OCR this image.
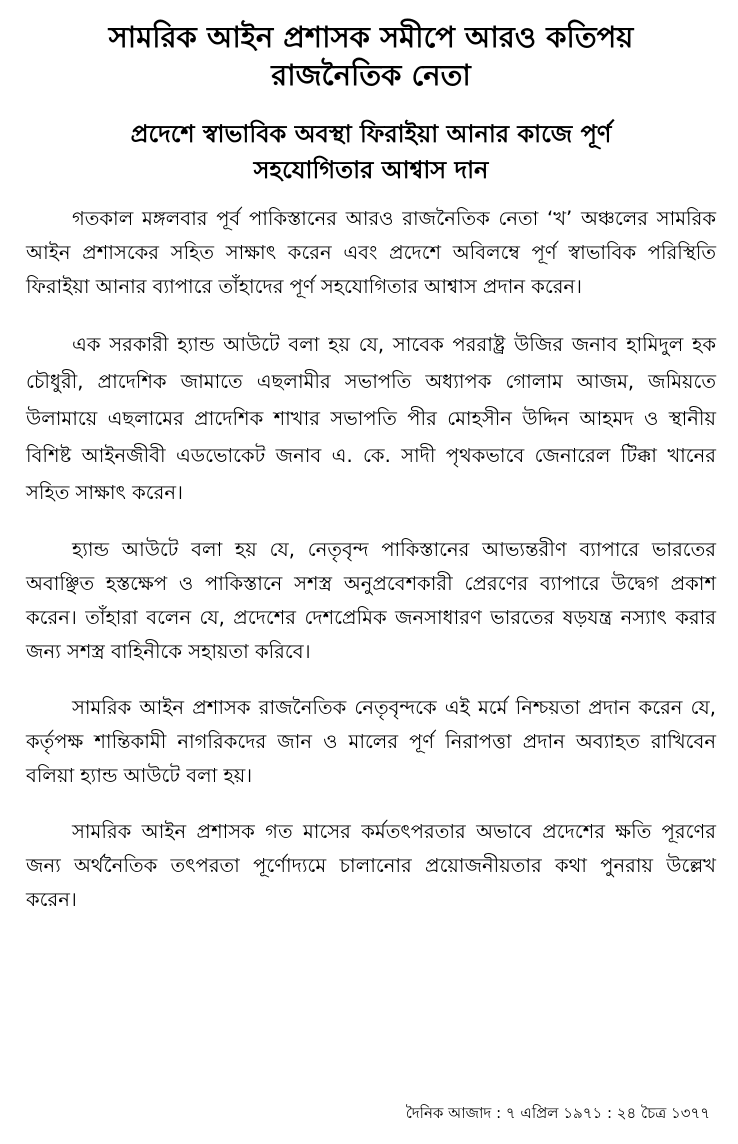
সামরিক আইন প্রশাসক সমীপে আরও কতিপয়
রাজনৈতিক নেতা
প্রদেশে স্বাভাবিক অবস্থা ফিরাইয়া আনার কাজে পূর্ণ
সহযোগিতার আশ্বাস দান

গতকাল মঙ্গলবার পূর্ব পাকিস্তানের আরও রাজনৈতিক নেতা ‘খ’ অঞ্চলের সামরিক আইন প্রশাসকের সহিত সাক্ষাৎ করেন এবং প্রদেশে অবিলম্বে পূর্ণ স্বাভাবিক পরিস্থিতি ফিরাইয়া আনার ব্যাপারে তাঁহাদের পূর্ণ সহযোগিতার আশ্বাস প্রদান করেন।

এক সরকারী হ্যান্ড আউটে বলা হয় যে, সাবেক পররাষ্ট্র উজির জনাব হামিদুল হক চৌধুরী, প্রাদেশিক জামাতে এছলামীর সভাপতি অধ্যাপক গোলাম আজম, জমিয়তে উলামায়ে এছলামের প্রাদেশিক শাখার সভাপতি পীর মোহসীন উদ্দিন আহমদ ও স্থানীয় বিশিষ্ট আইনজীবী এডভোকেট জনাব এ. কে. সাদী পৃথকভাবে জেনারেল টিক্কা খানের সহিত সাক্ষাৎ করেন।

হ্যান্ড আউটে বলা হয় যে, নেতৃবৃন্দ পাকিস্তানের আভ্যন্তরীণ ব্যাপারে ভারতের অবাঞ্ছিত হস্তক্ষেপ ও পাকিস্তানে সশস্ত্র অনুপ্রবেশকারী প্রেরণের ব্যাপারে উদ্বেগ প্রকাশ করেন। তাঁহারা বলেন যে, প্রদেশের দেশপ্রেমিক জনসাধারণ ভারতের ষড়যন্ত্র নস্যাৎ করার জন্য সশস্ত্র বাহিনীকে সহায়তা করিবে।

সামরিক আইন প্রশাসক রাজনৈতিক নেতৃবৃন্দকে এই মর্মে নিশ্চয়তা প্রদান করেন যে, কর্তৃপক্ষ শান্তিকামী নাগরিকদের জান ও মালের পূর্ণ নিরাপত্তা প্রদান অব্যাহত রাখিবেন বলিয়া হ্যান্ড আউটে বলা হয়।

সামরিক আইন প্রশাসক গত মাসের কর্মতৎপরতার অভাবে প্রদেশের ক্ষতি পূরণের জন্য অর্থনৈতিক তৎপরতা পূর্ণোদ্যমে চালানোর প্রয়োজনীয়তার কথা পুনরায় উল্লেখ করেন।

দৈনিক আজাদ : ৭ এপ্রিল ১৯৭১ : ২৪ চৈত্র ১৩৭৭
